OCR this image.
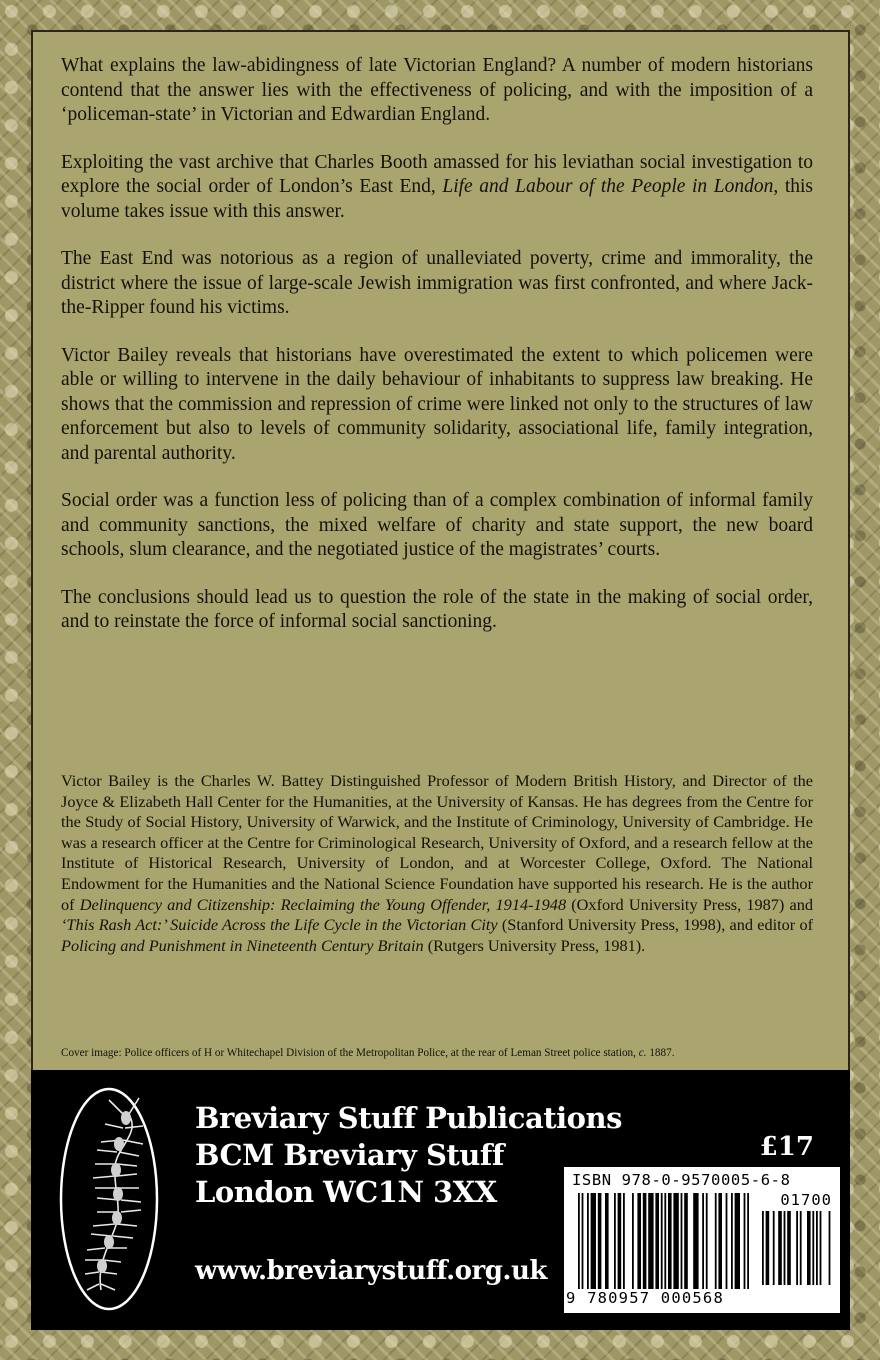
What explains the law-abidingness of late Victorian England? A number of modern historians contend that the answer lies with the effectiveness of policing, and with the imposition of a ‘policeman-state’ in Victorian and Edwardian England.

Exploiting the vast archive that Charles Booth amassed for his leviathan social investigation to explore the social order of London’s East End, Life and Labour of the People in London, this volume takes issue with this answer.

The East End was notorious as a region of unalleviated poverty, crime and immorality, the district where the issue of large-scale Jewish immigration was first confronted, and where Jack-the-Ripper found his victims.

Victor Bailey reveals that historians have overestimated the extent to which policemen were able or willing to intervene in the daily behaviour of inhabitants to suppress law breaking. He shows that the commission and repression of crime were linked not only to the structures of law enforcement but also to levels of community solidarity, associational life, family integration, and parental authority.

Social order was a function less of policing than of a complex combination of informal family and community sanctions, the mixed welfare of charity and state support, the new board schools, slum clearance, and the negotiated justice of the magistrates’ courts.

The conclusions should lead us to question the role of the state in the making of social order, and to reinstate the force of informal social sanctioning.

Victor Bailey is the Charles W. Battey Distinguished Professor of Modern British History, and Director of the Joyce & Elizabeth Hall Center for the Humanities, at the University of Kansas. He has degrees from the Centre for the Study of Social History, University of Warwick, and the Institute of Criminology, University of Cambridge. He was a research officer at the Centre for Criminological Research, University of Oxford, and a research fellow at the Institute of Historical Research, University of London, and at Worcester College, Oxford. The National Endowment for the Humanities and the National Science Foundation have supported his research. He is the author of Delinquency and Citizenship: Reclaiming the Young Offender, 1914-1948 (Oxford University Press, 1987) and ‘This Rash Act:’ Suicide Across the Life Cycle in the Victorian City (Stanford University Press, 1998), and editor of Policing and Punishment in Nineteenth Century Britain (Rutgers University Press, 1981).

Cover image: Police officers of H or Whitechapel Division of the Metropolitan Police, at the rear of Leman Street police station, c. 1887.
Breviary Stuff Publications
BCM Breviary Stuff
London WC1N 3XX
www.breviarystuff.org.uk
£17
ISBN 978-0-9570005-6-8
01700
9 780957 000568
